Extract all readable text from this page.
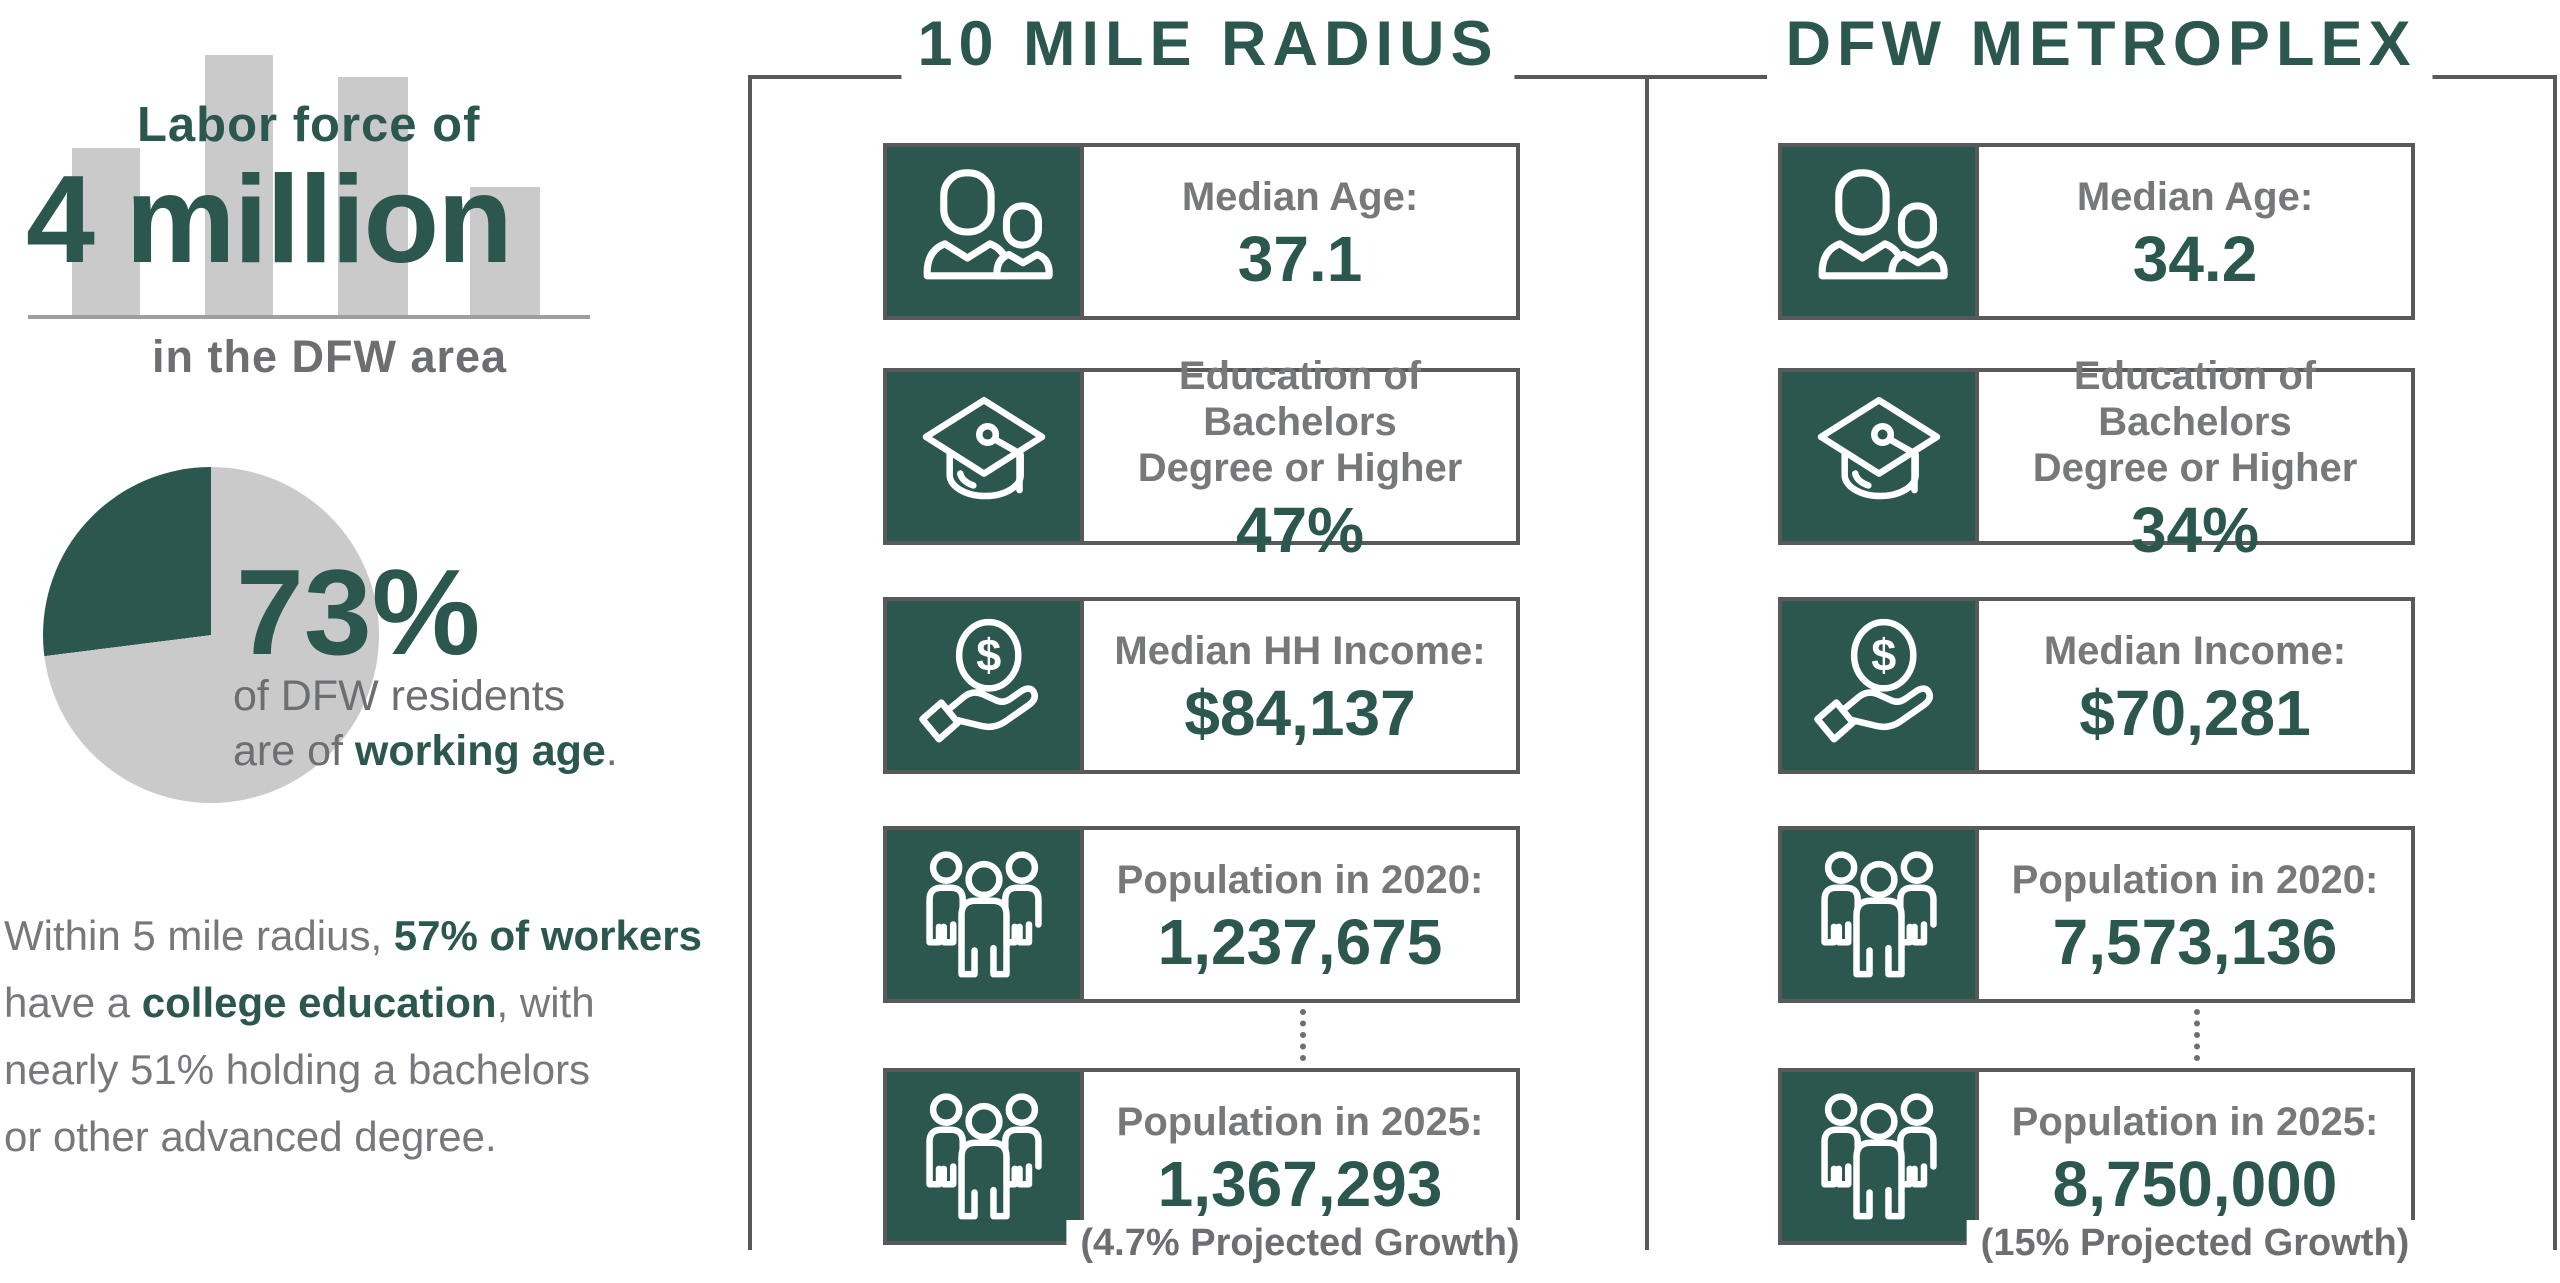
Labor force of
4 million
in the DFW area
73%
of DFW residents
are of working age.
Within 5 mile radius, 57% of workers
have a college education, with
nearly 51% holding a bachelors
or other advanced degree.
10 MILE RADIUS	DFW METROPLEX
Median Age:
37.1
Education of Bachelors
Degree or Higher
47%
Median HH Income:
$84,137
Population in 2020:
1,237,675
Population in 2025:
1,367,293
(4.7% Projected Growth)
Median Age:
34.2
Education of Bachelors
Degree or Higher
34%
Median Income:
$70,281
Population in 2020:
7,573,136
Population in 2025:
8,750,000
(15% Projected Growth)
